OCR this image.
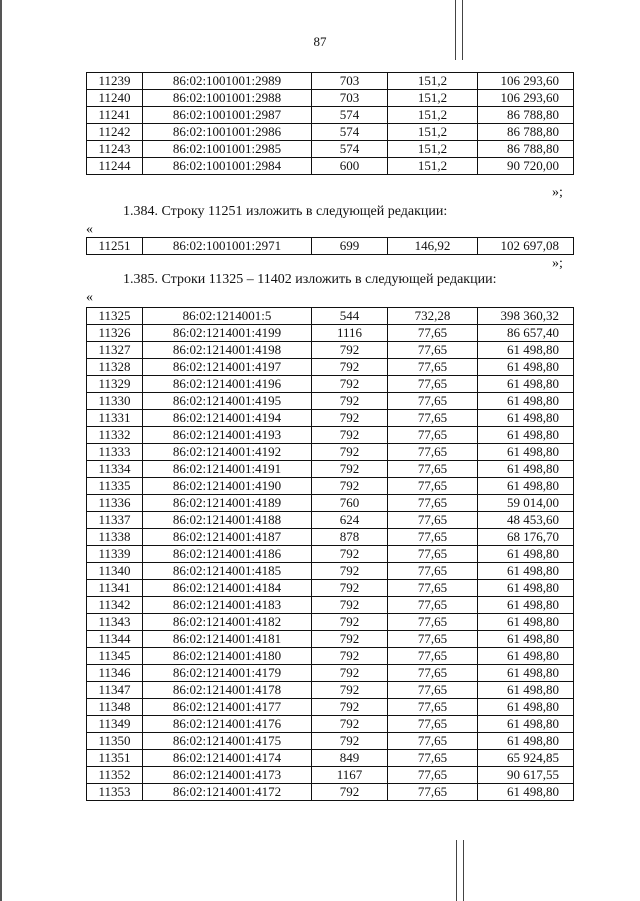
87
11239	86:02:1001001:2989	703	151,2	106 293,60
11240	86:02:1001001:2988	703	151,2	106 293,60
11241	86:02:1001001:2987	574	151,2	86 788,80
11242	86:02:1001001:2986	574	151,2	86 788,80
11243	86:02:1001001:2985	574	151,2	86 788,80
11244	86:02:1001001:2984	600	151,2	90 720,00
»;
1.384. Строку 11251 изложить в следующей редакции:
«
11251	86:02:1001001:2971	699	146,92	102 697,08
»;
1.385. Строки 11325 – 11402 изложить в следующей редакции:
«
11325	86:02:1214001:5	544	732,28	398 360,32
11326	86:02:1214001:4199	1116	77,65	86 657,40
11327	86:02:1214001:4198	792	77,65	61 498,80
11328	86:02:1214001:4197	792	77,65	61 498,80
11329	86:02:1214001:4196	792	77,65	61 498,80
11330	86:02:1214001:4195	792	77,65	61 498,80
11331	86:02:1214001:4194	792	77,65	61 498,80
11332	86:02:1214001:4193	792	77,65	61 498,80
11333	86:02:1214001:4192	792	77,65	61 498,80
11334	86:02:1214001:4191	792	77,65	61 498,80
11335	86:02:1214001:4190	792	77,65	61 498,80
11336	86:02:1214001:4189	760	77,65	59 014,00
11337	86:02:1214001:4188	624	77,65	48 453,60
11338	86:02:1214001:4187	878	77,65	68 176,70
11339	86:02:1214001:4186	792	77,65	61 498,80
11340	86:02:1214001:4185	792	77,65	61 498,80
11341	86:02:1214001:4184	792	77,65	61 498,80
11342	86:02:1214001:4183	792	77,65	61 498,80
11343	86:02:1214001:4182	792	77,65	61 498,80
11344	86:02:1214001:4181	792	77,65	61 498,80
11345	86:02:1214001:4180	792	77,65	61 498,80
11346	86:02:1214001:4179	792	77,65	61 498,80
11347	86:02:1214001:4178	792	77,65	61 498,80
11348	86:02:1214001:4177	792	77,65	61 498,80
11349	86:02:1214001:4176	792	77,65	61 498,80
11350	86:02:1214001:4175	792	77,65	61 498,80
11351	86:02:1214001:4174	849	77,65	65 924,85
11352	86:02:1214001:4173	1167	77,65	90 617,55
11353	86:02:1214001:4172	792	77,65	61 498,80
